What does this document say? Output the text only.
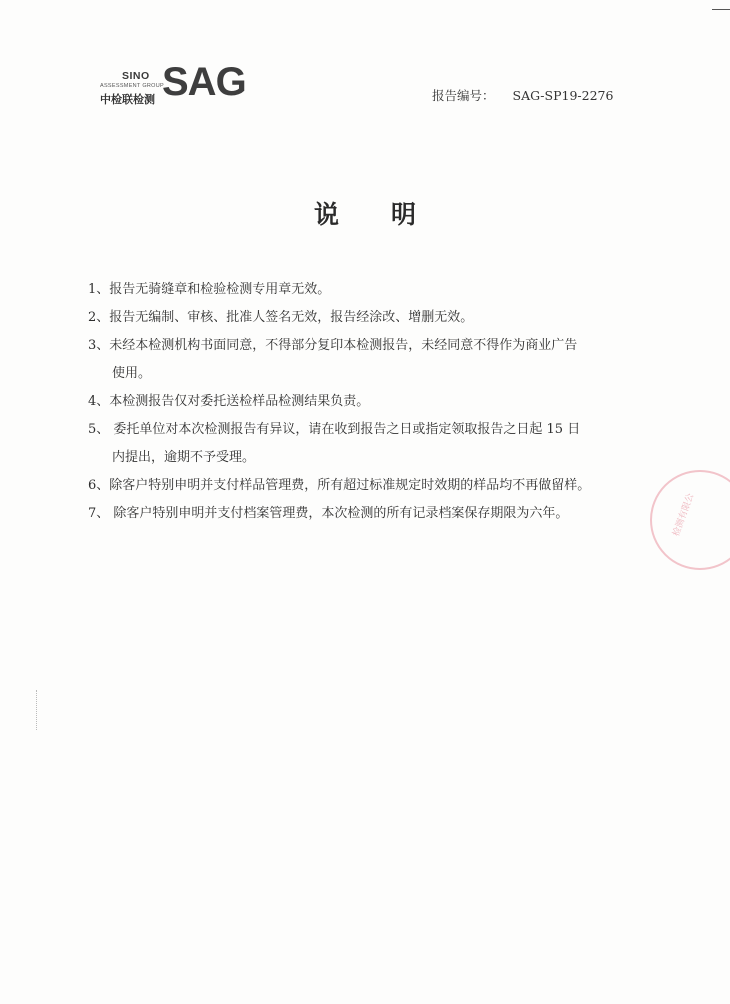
SINO
ASSESSMENT GROUP
中检联检测 SAG	报告编号： SAG-SP19-2276
说明
1、报告无骑缝章和检验检测专用章无效。
2、报告无编制、审核、批准人签名无效，报告经涂改、增删无效。
3、未经本检测机构书面同意，不得部分复印本检测报告，未经同意不得作为商业广告
使用。
4、本检测报告仅对委托送检样品检测结果负责。
5、 委托单位对本次检测报告有异议，请在收到报告之日或指定领取报告之日起 15 日
内提出，逾期不予受理。
6、除客户特别申明并支付样品管理费，所有超过标准规定时效期的样品均不再做留样。
7、 除客户特别申明并支付档案管理费，本次检测的所有记录档案保存期限为六年。	检测有限公
